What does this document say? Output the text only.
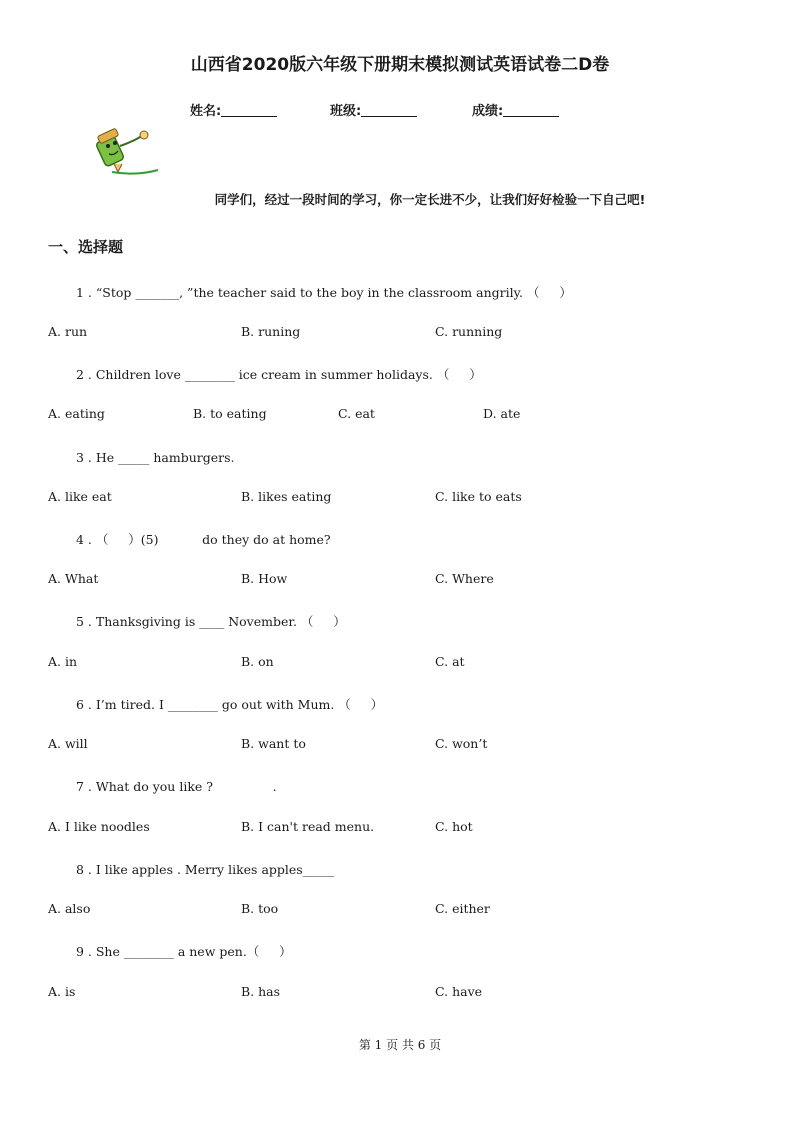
山西省2020版六年级下册期末模拟测试英语试卷二D卷
姓名:	班级:	成绩:
同学们，经过一段时间的学习，你一定长进不少，让我们好好检验一下自己吧!
一、选择题
1 . “Stop _______, ”the teacher said to the boy in the classroom angrily. （     ）
A. run	B. runing	C. running
2 . Children love ________ ice cream in summer holidays. （     ）
A. eating	B. to eating	C. eat	D. ate
3 . He _____ hamburgers.
A. like eat	B. likes eating	C. like to eats
4 . （     ）(5)           do they do at home?
A. What	B. How	C. Where
5 . Thanksgiving is ____ November. （     ）
A. in	B. on	C. at
6 . I’m tired. I ________ go out with Mum. （     ）
A. will	B. want to	C. won’t
7 . What do you like ?               .
A. I like noodles	B. I can't read menu.	C. hot
8 . I like apples . Merry likes apples_____
A. also	B. too	C. either
9 . She ________ a new pen.（     ）
A. is	B. has	C. have
第 1 页 共 6 页
